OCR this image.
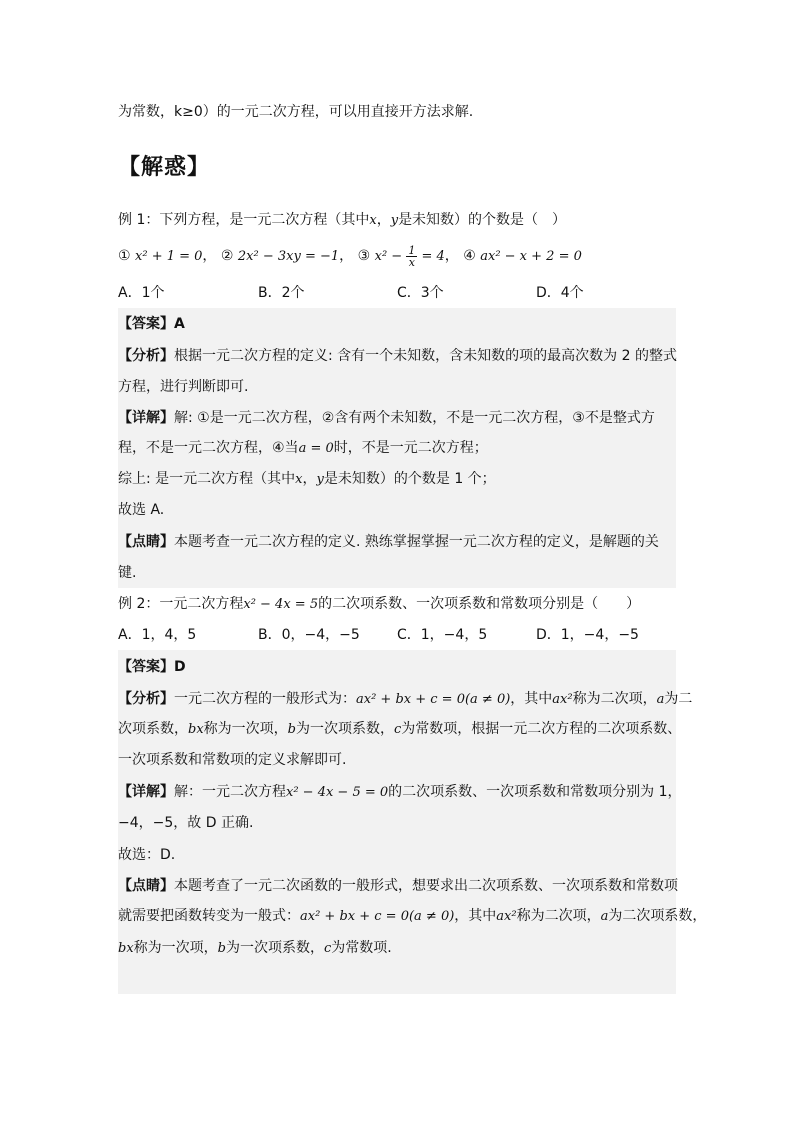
为常数，k≥0）的一元二次方程，可以用直接开方法求解.
【解惑】
例 1：下列方程，是一元二次方程（其中x，y是未知数）的个数是（　）
① x² + 1 = 0， ② 2x² − 3xy = −1， ③ $x^2 - \frac{1}{x} = 4$， ④ ax² − x + 2 = 0
A．1个	B．2个	C．3个	D．4个
【答案】A
【分析】根据一元二次方程的定义: 含有一个未知数，含未知数的项的最高次数为 2 的整式
方程，进行判断即可.
【详解】解: ①是一元二次方程，②含有两个未知数，不是一元二次方程，③不是整式方
程，不是一元二次方程，④当a = 0时，不是一元二次方程；
综上: 是一元二次方程（其中x，y是未知数）的个数是 1 个；
故选 A.
【点睛】本题考查一元二次方程的定义. 熟练掌握掌握一元二次方程的定义，是解题的关
键.
例 2：一元二次方程x² − 4x = 5的二次项系数、一次项系数和常数项分别是（　　）
A．1，4，5	B．0，−4，−5	C．1，−4，5	D．1，−4，−5
【答案】D
【分析】一元二次方程的一般形式为：ax² + bx + c = 0(a ≠ 0)，其中ax²称为二次项，a为二
次项系数，bx称为一次项，b为一次项系数，c为常数项，根据一元二次方程的二次项系数、
一次项系数和常数项的定义求解即可.
【详解】解：一元二次方程x² − 4x − 5 = 0的二次项系数、一次项系数和常数项分别为 1，
−4，−5，故 D 正确.
故选：D.
【点睛】本题考查了一元二次函数的一般形式，想要求出二次项系数、一次项系数和常数项
就需要把函数转变为一般式：ax² + bx + c = 0(a ≠ 0)，其中ax²称为二次项，a为二次项系数，
bx称为一次项，b为一次项系数，c为常数项.
